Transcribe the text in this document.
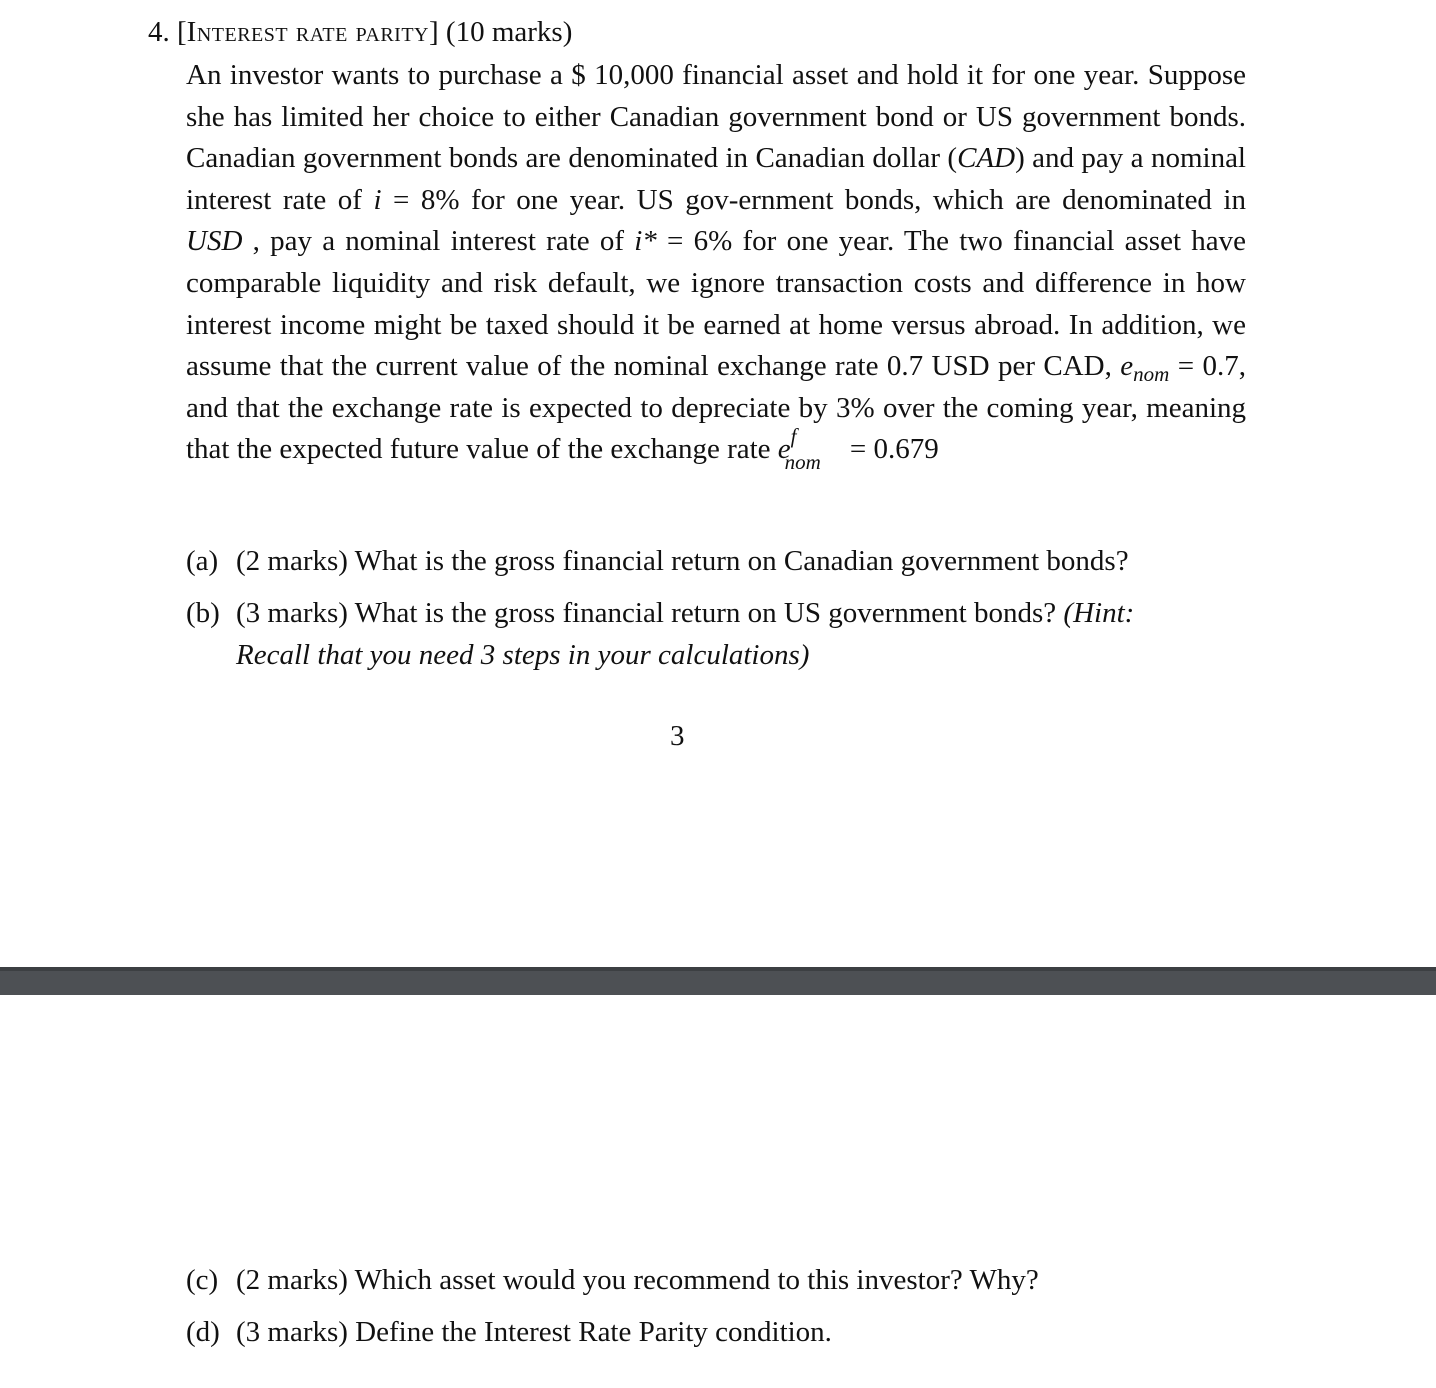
4. [Interest rate parity] (10 marks)
An investor wants to purchase a $ 10,000 financial asset and hold it for one year. Suppose she has limited her choice to either Canadian government bond or US government bonds. Canadian government bonds are denominated in Canadian dollar (CAD) and pay a nominal interest rate of i = 8% for one year. US gov-ernment bonds, which are denominated in USD , pay a nominal interest rate of i* = 6% for one year. The two financial asset have comparable liquidity and risk default, we ignore transaction costs and difference in how interest income might be taxed should it be earned at home versus abroad. In addition, we assume that the current value of the nominal exchange rate 0.7 USD per CAD, $e_{nom} = 0.7$, and that the exchange rate is expected to depreciate by 3% over the coming year, meaning that the expected future value of the exchange rate e f
nom = 0.679
(a) (2 marks) What is the gross financial return on Canadian government bonds?
(b) (3 marks) What is the gross financial return on US government bonds? (Hint:
Recall that you need 3 steps in your calculations)
3
(c) (2 marks) Which asset would you recommend to this investor? Why?
(d) (3 marks) Define the Interest Rate Parity condition.
